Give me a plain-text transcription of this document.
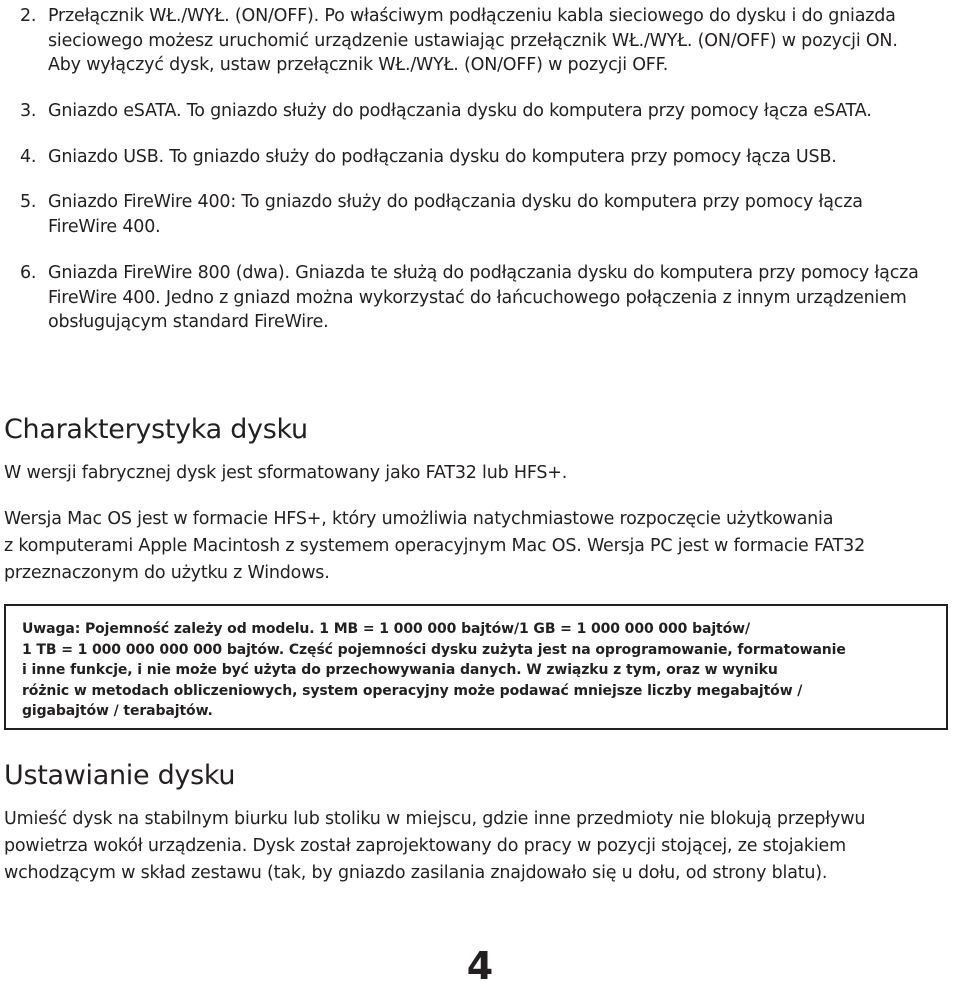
2. Przełącznik WŁ./WYŁ. (ON/OFF). Po właściwym podłączeniu kabla sieciowego do dysku i do gniazda
sieciowego możesz uruchomić urządzenie ustawiając przełącznik WŁ./WYŁ. (ON/OFF) w pozycji ON.
Aby wyłączyć dysk, ustaw przełącznik WŁ./WYŁ. (ON/OFF) w pozycji OFF.
3. Gniazdo eSATA. To gniazdo służy do podłączania dysku do komputera przy pomocy łącza eSATA.
4. Gniazdo USB. To gniazdo służy do podłączania dysku do komputera przy pomocy łącza USB.
5. Gniazdo FireWire 400: To gniazdo służy do podłączania dysku do komputera przy pomocy łącza
FireWire 400.
6. Gniazda FireWire 800 (dwa). Gniazda te służą do podłączania dysku do komputera przy pomocy łącza
FireWire 400. Jedno z gniazd można wykorzystać do łańcuchowego połączenia z innym urządzeniem
obsługującym standard FireWire.
Charakterystyka dysku

W wersji fabrycznej dysk jest sformatowany jako FAT32 lub HFS+.

Wersja Mac OS jest w formacie HFS+, który umożliwia natychmiastowe rozpoczęcie użytkowania
z komputerami Apple Macintosh z systemem operacyjnym Mac OS. Wersja PC jest w formacie FAT32
przeznaczonym do użytku z Windows.

Uwaga: Pojemność zależy od modelu. 1 MB = 1 000 000 bajtów/1 GB = 1 000 000 000 bajtów/
1 TB = 1 000 000 000 000 bajtów. Część pojemności dysku zużyta jest na oprogramowanie, formatowanie
i inne funkcje, i nie może być użyta do przechowywania danych. W związku z tym, oraz w wyniku
różnic w metodach obliczeniowych, system operacyjny może podawać mniejsze liczby megabajtów /
gigabajtów / terabajtów.

Ustawianie dysku

Umieść dysk na stabilnym biurku lub stoliku w miejscu, gdzie inne przedmioty nie blokują przepływu
powietrza wokół urządzenia. Dysk został zaprojektowany do pracy w pozycji stojącej, ze stojakiem
wchodzącym w skład zestawu (tak, by gniazdo zasilania znajdowało się u dołu, od strony blatu).

4
